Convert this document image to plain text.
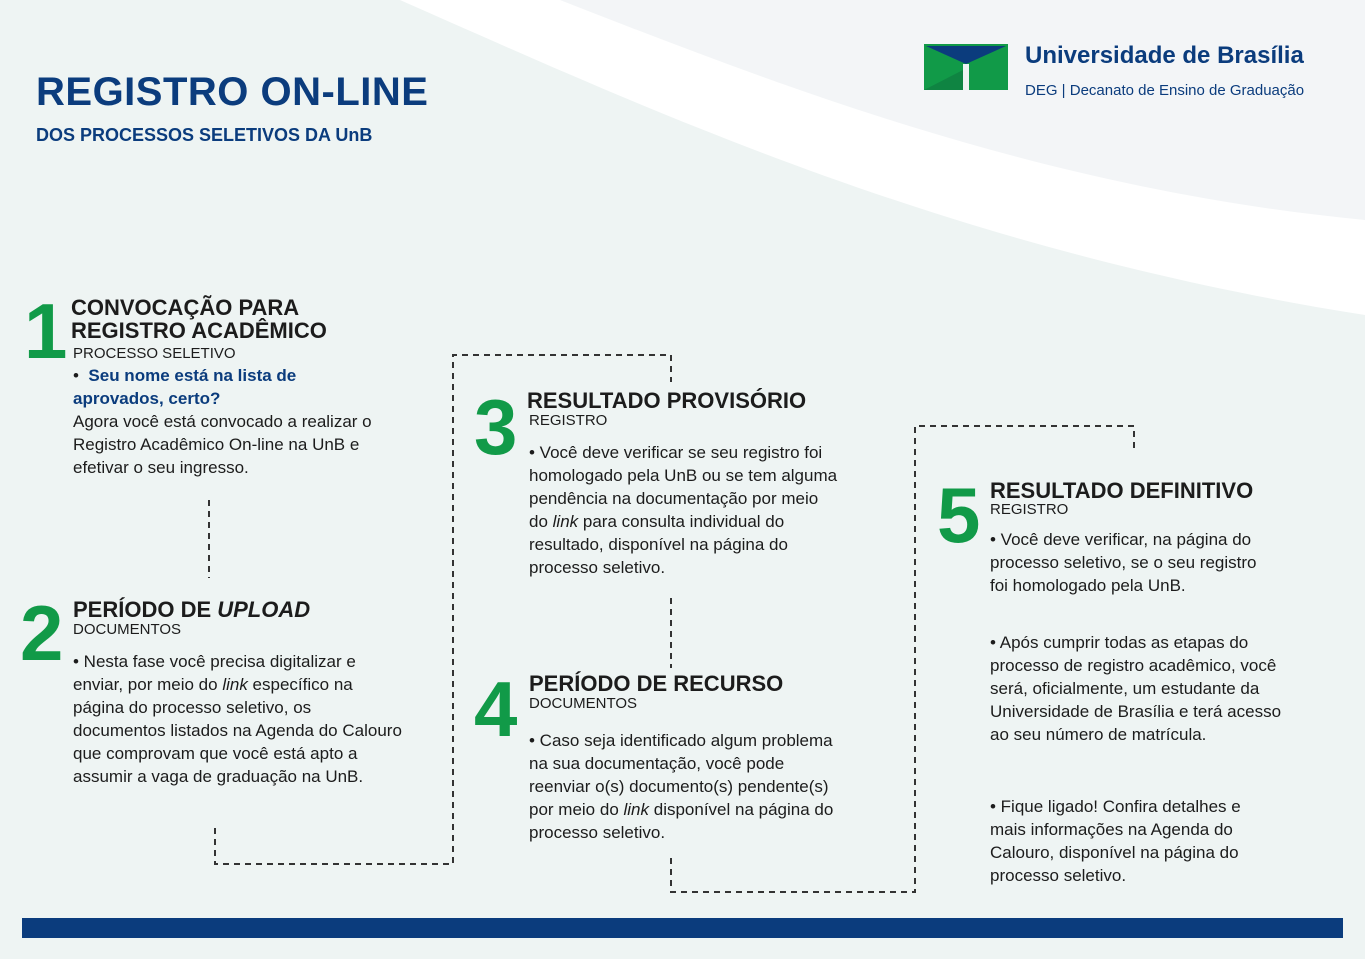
REGISTRO ON-LINE
DOS PROCESSOS SELETIVOS DA UnB
Universidade de Brasília
DEG | Decanato de Ensino de Graduação
1 CONVOCAÇÃO PARA
REGISTRO ACADÊMICO
PROCESSO SELETIVO
• Seu nome está na lista de
aprovados, certo?
Agora você está convocado a realizar o
Registro Acadêmico On-line na UnB e
efetivar o seu ingresso.
2 PERÍODO DE UPLOAD
DOCUMENTOS
• Nesta fase você precisa digitalizar e
enviar, por meio do link específico na
página do processo seletivo, os
documentos listados na Agenda do Calouro
que comprovam que você está apto a
assumir a vaga de graduação na UnB.
3 RESULTADO PROVISÓRIO
REGISTRO
• Você deve verificar se seu registro foi
homologado pela UnB ou se tem alguma
pendência na documentação por meio
do link para consulta individual do
resultado, disponível na página do
processo seletivo.
4 PERÍODO DE RECURSO
DOCUMENTOS
• Caso seja identificado algum problema
na sua documentação, você pode
reenviar o(s) documento(s) pendente(s)
por meio do link disponível na página do
processo seletivo.
5 RESULTADO DEFINITIVO
REGISTRO
• Você deve verificar, na página do
processo seletivo, se o seu registro
foi homologado pela UnB.
• Após cumprir todas as etapas do
processo de registro acadêmico, você
será, oficialmente, um estudante da
Universidade de Brasília e terá acesso
ao seu número de matrícula.
• Fique ligado! Confira detalhes e
mais informações na Agenda do
Calouro, disponível na página do
processo seletivo.
